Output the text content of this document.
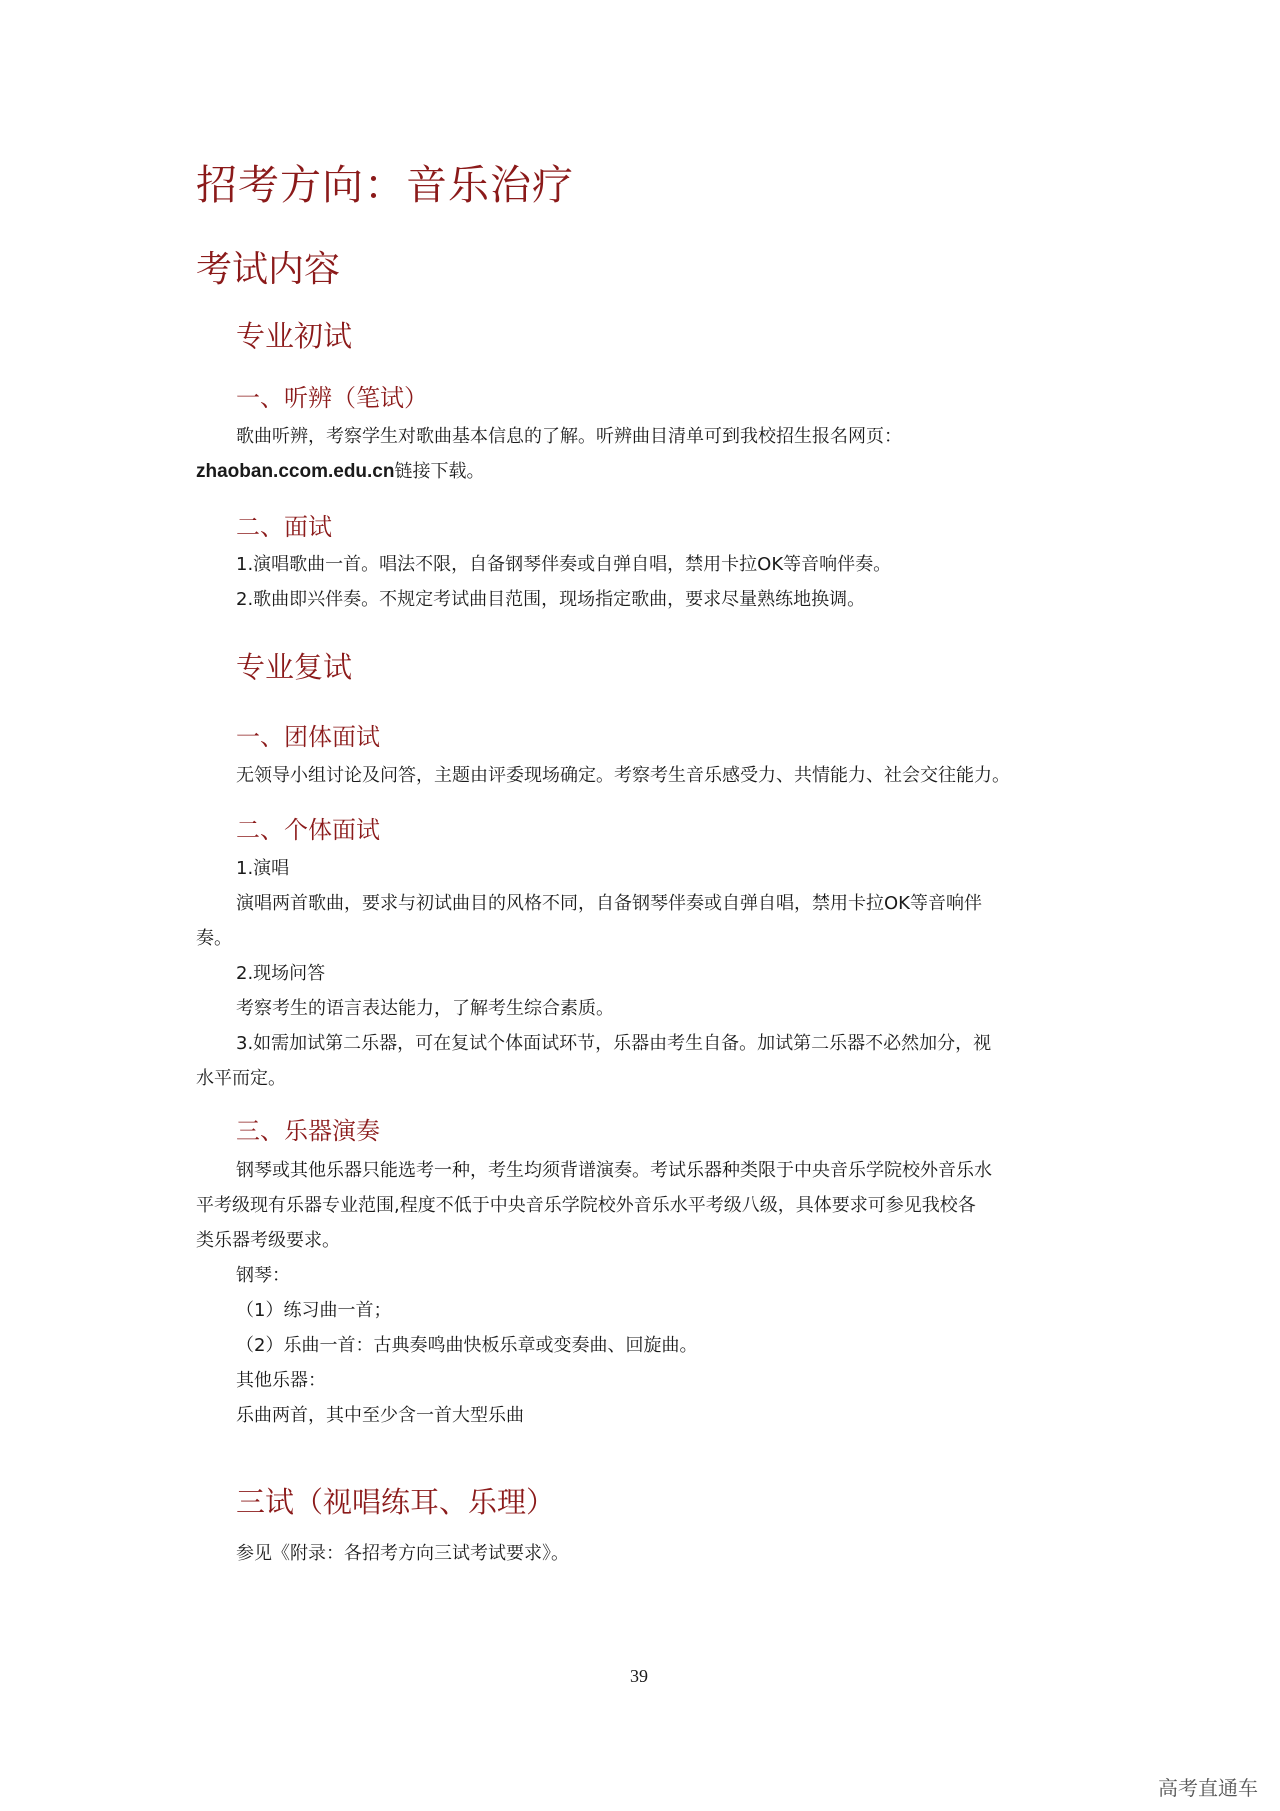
招考方向：音乐治疗
考试内容
专业初试
一、听辨（笔试）
歌曲听辨，考察学生对歌曲基本信息的了解。听辨曲目清单可到我校招生报名网页：
zhaoban.ccom.edu.cn链接下载。
二、面试
1.演唱歌曲一首。唱法不限，自备钢琴伴奏或自弹自唱，禁用卡拉OK等音响伴奏。
2.歌曲即兴伴奏。不规定考试曲目范围，现场指定歌曲，要求尽量熟练地换调。
专业复试
一、团体面试
无领导小组讨论及问答，主题由评委现场确定。考察考生音乐感受力、共情能力、社会交往能力。
二、个体面试
1.演唱
演唱两首歌曲，要求与初试曲目的风格不同，自备钢琴伴奏或自弹自唱，禁用卡拉OK等音响伴
奏。
2.现场问答
考察考生的语言表达能力，了解考生综合素质。
3.如需加试第二乐器，可在复试个体面试环节，乐器由考生自备。加试第二乐器不必然加分，视
水平而定。
三、乐器演奏
钢琴或其他乐器只能选考一种，考生均须背谱演奏。考试乐器种类限于中央音乐学院校外音乐水
平考级现有乐器专业范围,程度不低于中央音乐学院校外音乐水平考级八级，具体要求可参见我校各
类乐器考级要求。
钢琴：
（1）练习曲一首；
（2）乐曲一首：古典奏鸣曲快板乐章或变奏曲、回旋曲。
其他乐器：
乐曲两首，其中至少含一首大型乐曲
三试（视唱练耳、乐理）
参见《附录：各招考方向三试考试要求》。
39
高考直通车
